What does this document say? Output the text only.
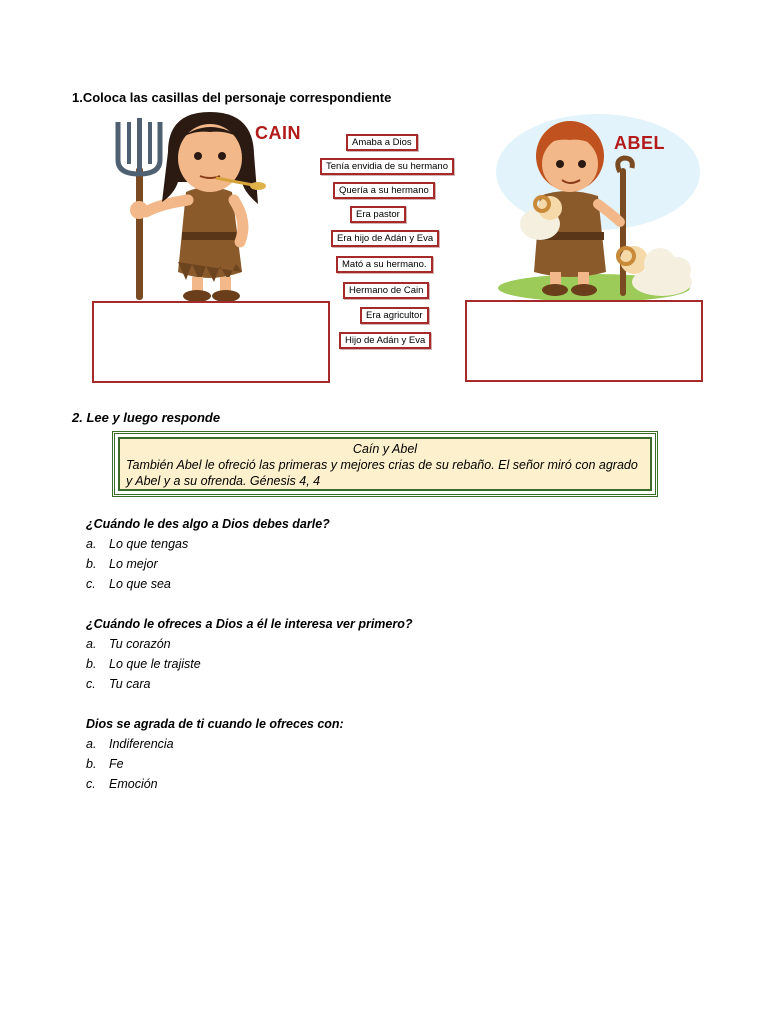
1.Coloca las casillas del personaje correspondiente
CAIN	ABEL
Amaba a Dios
Tenía envidia de su hermano
Quería a su hermano
Era pastor
Era hijo de Adán y Eva
Mató a su hermano.
Hermano de Cain
Era agricultor
Hijo de Adán y Eva
2. Lee y luego responde
Caín y Abel
También Abel le ofreció las primeras y mejores crias de su rebaño. El señor miró con agrado y Abel y a su ofrenda. Génesis 4, 4
¿Cuándo le des algo a Dios debes darle?
a. Lo que tengas
b. Lo mejor
c. Lo que sea
¿Cuándo le ofreces a Dios a él le interesa ver primero?
a. Tu corazón
b. Lo que le trajiste
c. Tu cara
Dios se agrada de ti cuando le ofreces con:
a. Indiferencia
b. Fe
c. Emoción
